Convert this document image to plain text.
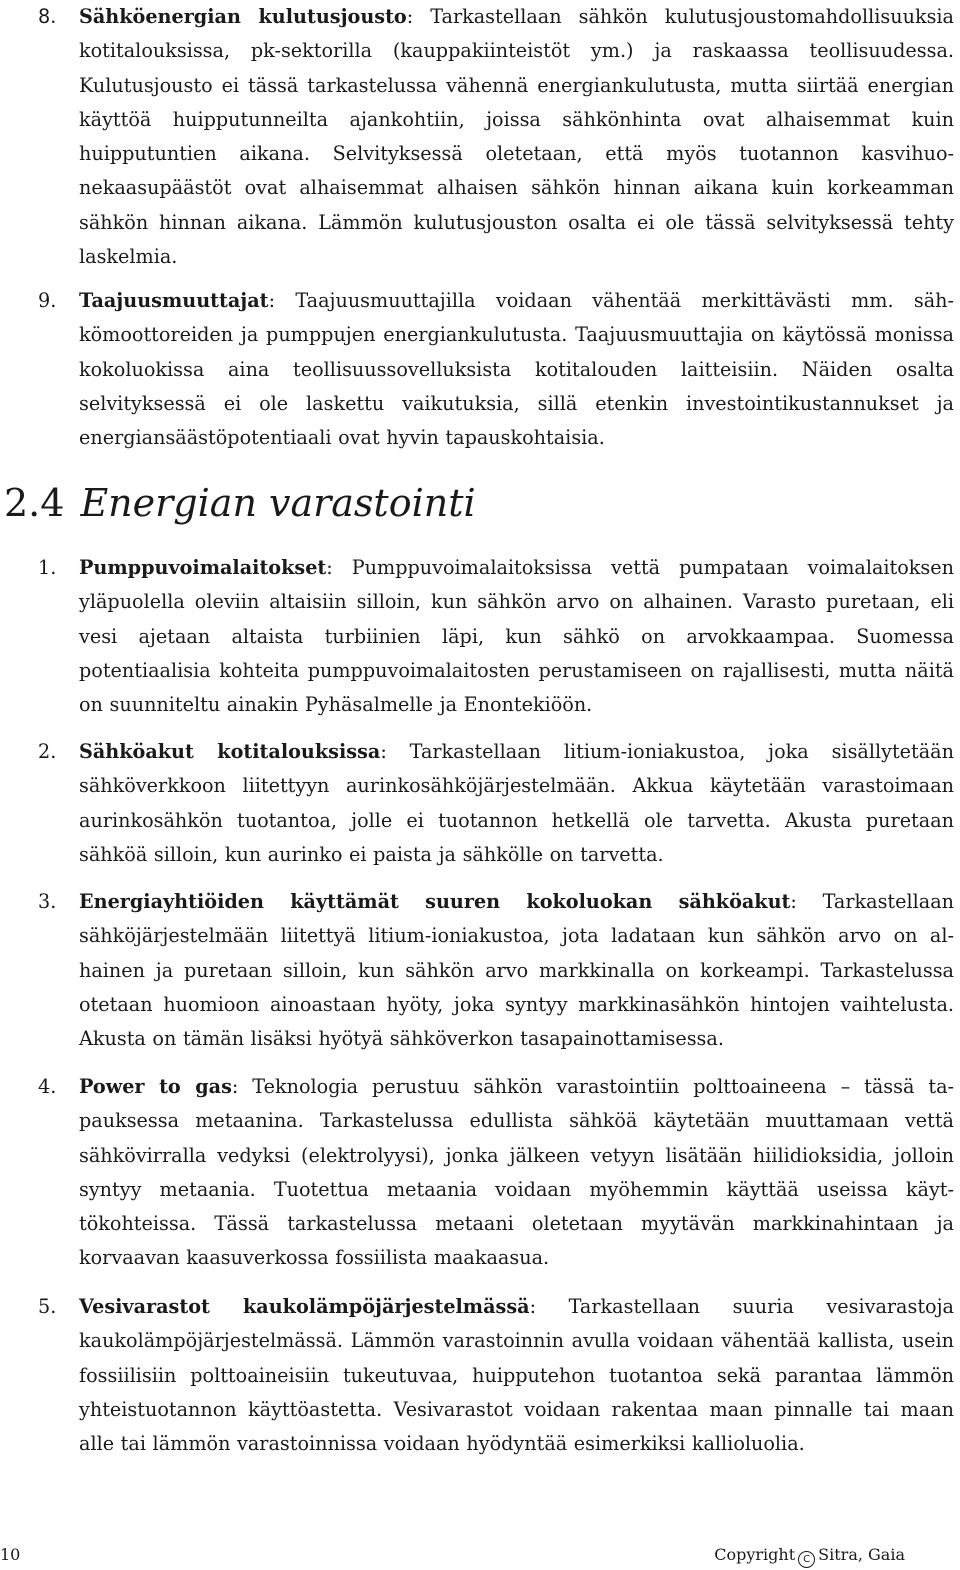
8. Sähköenergian kulutusjousto: Tarkastellaan sähkön kulutusjoustomahdollisuuksia kotitalouksissa, pk-sektorilla (kauppakiinteistöt ym.) ja raskaassa teollisuudessa. Kulutusjousto ei tässä tarkastelussa vähennä energiankulutusta, mutta siirtää energian käyttöä huipputunneilta ajankohtiin, joissa sähkönhinta ovat alhaisemmat kuin huipputuntien aikana. Selvityksessä oletetaan, että myös tuotannon kasvihuonekaasupäästöt ovat alhaisemmat alhaisen sähkön hinnan aikana kuin korkeamman sähkön hinnan aikana. Lämmön kulutusjouston osalta ei ole tässä selvityksessä tehty laskelmia.
9. Taajuusmuuttajat: Taajuusmuuttajilla voidaan vähentää merkittävästi mm. sähkömoottoreiden ja pumppujen energiankulutusta. Taajuusmuuttajia on käytössä monissa kokoluokissa aina teollisuussovelluksista kotitalouden laitteisiin. Näiden osalta selvityksessä ei ole laskettu vaikutuksia, sillä etenkin investointikustannukset ja energiansäästöpotentiaali ovat hyvin tapauskohtaisia.
2.4 Energian varastointi
1. Pumppuvoimalaitokset: Pumppuvoimalaitoksissa vettä pumpataan voimalaitoksen yläpuolella oleviin altaisiin silloin, kun sähkön arvo on alhainen. Varasto puretaan, eli vesi ajetaan altaista turbiinien läpi, kun sähkö on arvokkaampaa. Suomessa potentiaalisia kohteita pumppuvoimalaitosten perustamiseen on rajallisesti, mutta näitä on suunniteltu ainakin Pyhäsalmelle ja Enontekiöön.
2. Sähköakut kotitalouksissa: Tarkastellaan litium-ioniakustoa, joka sisällytetään sähköverkkoon liitettyyn aurinkosähköjärjestelmään. Akkua käytetään varastoimaan aurinkosähkön tuotantoa, jolle ei tuotannon hetkellä ole tarvetta. Akusta puretaan sähköä silloin, kun aurinko ei paista ja sähkölle on tarvetta.
3. Energiayhtiöiden käyttämät suuren kokoluokan sähköakut: Tarkastellaan sähköjärjestelmään liitettyä litium-ioniakustoa, jota ladataan kun sähkön arvo on alhainen ja puretaan silloin, kun sähkön arvo markkinalla on korkeampi. Tarkastelussa otetaan huomioon ainoastaan hyöty, joka syntyy markkinasähkön hintojen vaihtelusta. Akusta on tämän lisäksi hyötyä sähköverkon tasapainottamisessa.
4. Power to gas: Teknologia perustuu sähkön varastointiin polttoaineena – tässä tapauksessa metaanina. Tarkastelussa edullista sähköä käytetään muuttamaan vettä sähkövirralla vedyksi (elektrolyysi), jonka jälkeen vetyyn lisätään hiilidioksidia, jolloin syntyy metaania. Tuotettua metaania voidaan myöhemmin käyttää useissa käyttökohteissa. Tässä tarkastelussa metaani oletetaan myytävän markkinahintaan ja korvaavan kaasuverkossa fossiilista maakaasua.
5. Vesivarastot kaukolämpöjärjestelmässä: Tarkastellaan suuria vesivarastoja kaukolämpöjärjestelmässä. Lämmön varastoinnin avulla voidaan vähentää kallista, usein fossiilisiin polttoaineisiin tukeutuvaa, huipputehon tuotantoa sekä parantaa lämmön yhteistuotannon käyttöastetta. Vesivarastot voidaan rakentaa maan pinnalle tai maan alle tai lämmön varastoinnissa voidaan hyödyntää esimerkiksi kallioluolia.
10	Copyright C Sitra, Gaia
